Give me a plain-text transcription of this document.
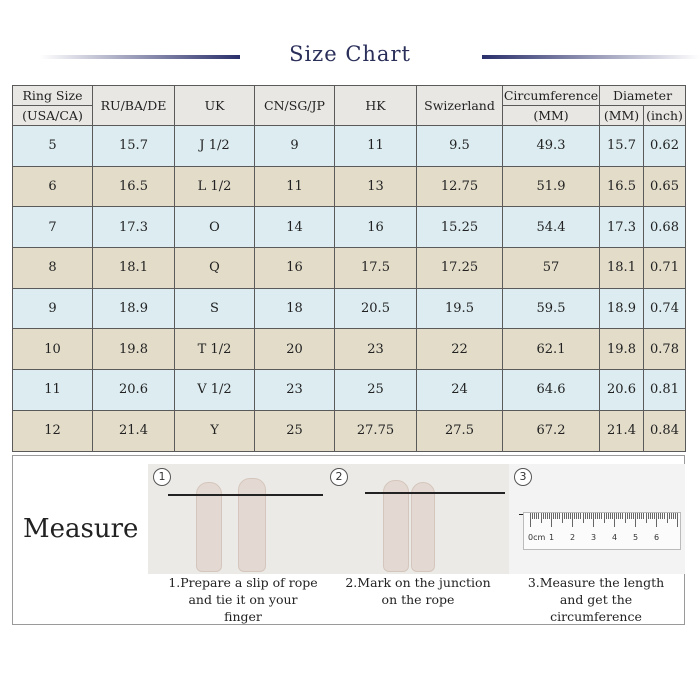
Size Chart
Ring Size	RU/BA/DE	UK	CN/SG/JP	HK	Swizerland	Circumference	Diameter	
(USA/CA)						(MM)	(MM)	(inch)
5	15.7	J 1/2	9	11	9.5	49.3	15.7	0.62
6	16.5	L 1/2	11	13	12.75	51.9	16.5	0.65
7	17.3	O	14	16	15.25	54.4	17.3	0.68
8	18.1	Q	16	17.5	17.25	57	18.1	0.71
9	18.9	S	18	20.5	19.5	59.5	18.9	0.74
10	19.8	T 1/2	20	23	22	62.1	19.8	0.78
11	20.6	V 1/2	23	25	24	64.6	20.6	0.81
12	21.4	Y	25	27.75	27.5	67.2	21.4	0.84
Measure
1	2	3
0cm 1 2 3 4 5 6
1.Prepare a slip of rope
and tie it on your
finger
2.Mark on the junction
on the rope
3.Measure the length
and get the
circumference
